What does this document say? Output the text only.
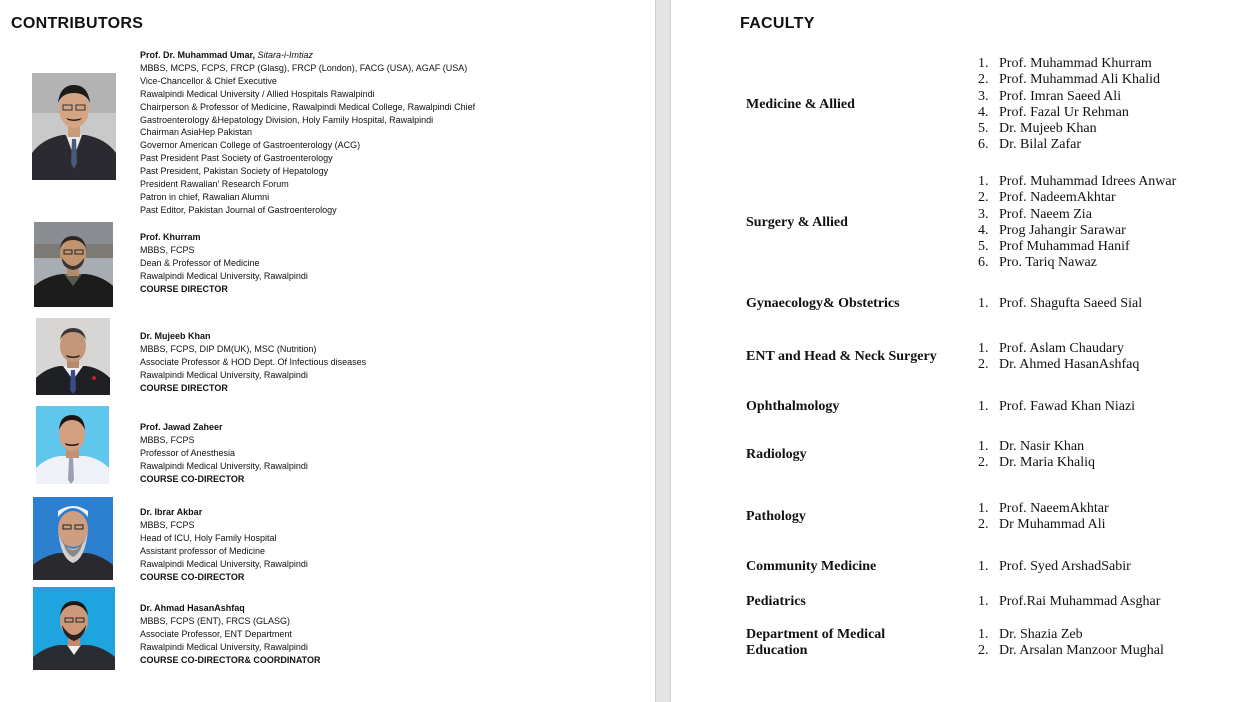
CONTRIBUTORS
Prof. Dr. Muhammad Umar, Sitara-i-Imtiaz
MBBS, MCPS, FCPS, FRCP (Glasg), FRCP (London), FACG (USA), AGAF (USA)
Vice-Chancellor & Chief Executive
Rawalpindi Medical University / Allied Hospitals Rawalpindi
Chairperson & Professor of Medicine, Rawalpindi Medical College, Rawalpindi Chief
Gastroenterology &Hepatology Division, Holy Family Hospital, Rawalpindi
Chairman AsiaHep Pakistan
Governor American College of Gastroenterology (ACG)
Past President Past Society of Gastroenterology
Past President, Pakistan Society of Hepatology
President Rawalian' Research Forum
Patron in chief, Rawalian Alumni
Past Editor, Pakistan Journal of Gastroenterology
Prof. Khurram
MBBS, FCPS
Dean & Professor of Medicine
Rawalpindi Medical University, Rawalpindi
COURSE DIRECTOR
Dr. Mujeeb Khan
MBBS, FCPS, DIP DM(UK), MSC (Nutrition)
Associate Professor & HOD Dept. Of Infectious diseases
Rawalpindi Medical University, Rawalpindi
COURSE DIRECTOR
Prof. Jawad Zaheer
MBBS, FCPS
Professor of Anesthesia
Rawalpindi Medical University, Rawalpindi
COURSE CO-DIRECTOR
Dr. Ibrar Akbar
MBBS, FCPS
Head of ICU, Holy Family Hospital
Assistant professor of Medicine
Rawalpindi Medical University, Rawalpindi
COURSE CO-DIRECTOR
Dr. Ahmad HasanAshfaq
MBBS, FCPS (ENT), FRCS (GLASG)
Associate Professor, ENT Department
Rawalpindi Medical University, Rawalpindi
COURSE CO-DIRECTOR& COORDINATOR
FACULTY
Medicine & Allied
1. Prof. Muhammad Khurram
2. Prof. Muhammad Ali Khalid
3. Prof. Imran Saeed Ali
4. Prof. Fazal Ur Rehman
5. Dr. Mujeeb Khan
6. Dr. Bilal Zafar
Surgery & Allied
1. Prof. Muhammad Idrees Anwar
2. Prof. NadeemAkhtar
3. Prof. Naeem Zia
4. Prog Jahangir Sarawar
5. Prof Muhammad Hanif
6. Pro. Tariq Nawaz
Gynaecology& Obstetrics	1. Prof. Shagufta Saeed Sial
ENT and Head & Neck Surgery
1. Prof. Aslam Chaudary
2. Dr. Ahmed HasanAshfaq
Ophthalmology	1. Prof. Fawad Khan Niazi
Radiology
1. Dr. Nasir Khan
2. Dr. Maria Khaliq
Pathology
1. Prof. NaeemAkhtar
2. Dr Muhammad Ali
Community Medicine	1. Prof. Syed ArshadSabir
Pediatrics	1. Prof.Rai Muhammad Asghar
Department of Medical
Education
1. Dr. Shazia Zeb
2. Dr. Arsalan Manzoor Mughal
